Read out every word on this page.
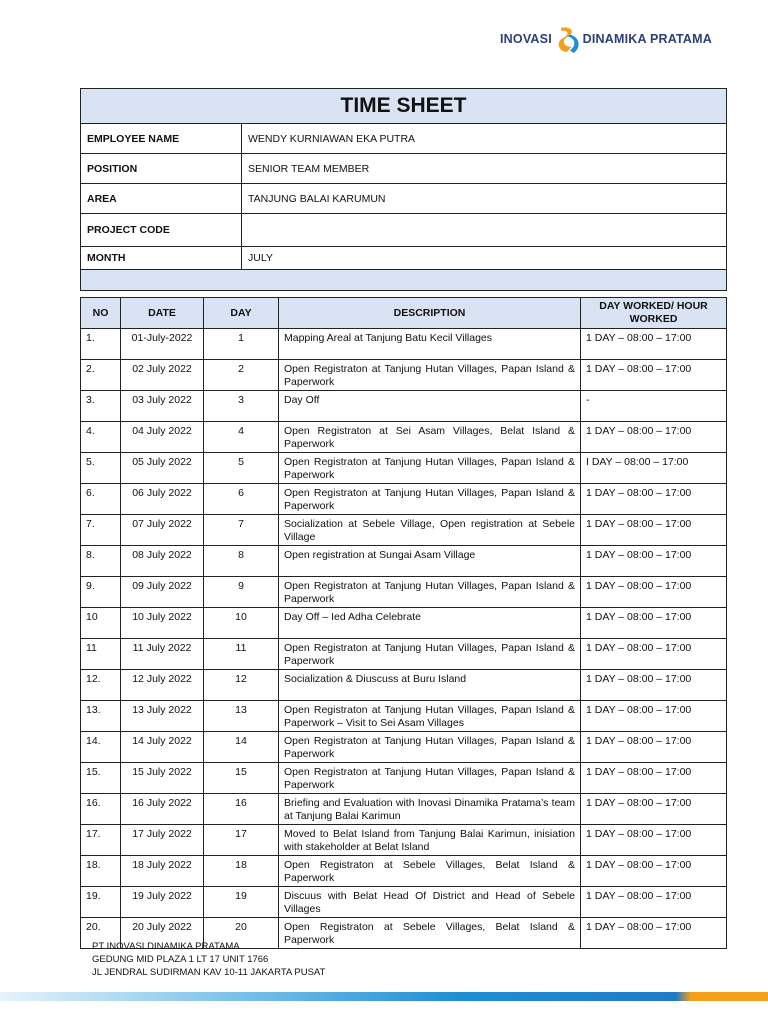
INOVASI DINAMIKA PRATAMA
TIME SHEET	
EMPLOYEE NAME	WENDY KURNIAWAN EKA PUTRA
POSITION	SENIOR TEAM MEMBER
AREA	TANJUNG BALAI KARUMUN
PROJECT CODE	
MONTH	JULY

NO	DATE	DAY	DESCRIPTION	DAY WORKED/ HOUR WORKED
1.	01-July-2022	1	Mapping Areal at Tanjung Batu Kecil Villages	1 DAY – 08:00 – 17:00
2.	02 July 2022	2	Open Registraton at Tanjung Hutan Villages, Papan Island & Paperwork	1 DAY – 08:00 – 17:00
3.	03 July 2022	3	Day Off	-
4.	04 July 2022	4	Open Registraton at Sei Asam Villages, Belat Island & Paperwork	1 DAY – 08:00 – 17:00
5.	05 July 2022	5	Open Registraton at Tanjung Hutan Villages, Papan Island & Paperwork	I DAY – 08:00 – 17:00
6.	06 July 2022	6	Open Registraton at Tanjung Hutan Villages, Papan Island & Paperwork	1 DAY – 08:00 – 17:00
7.	07 July 2022	7	Socialization at Sebele Village, Open registration at Sebele Village	1 DAY – 08:00 – 17:00
8.	08 July 2022	8	Open registration at Sungai Asam Village	1 DAY – 08:00 – 17:00
9.	09 July 2022	9	Open Registraton at Tanjung Hutan Villages, Papan Island & Paperwork	1 DAY – 08:00 – 17:00
10	10 July 2022	10	Day Off – Ied Adha Celebrate	1 DAY – 08:00 – 17:00
11	11 July 2022	11	Open Registraton at Tanjung Hutan Villages, Papan Island & Paperwork	1 DAY – 08:00 – 17:00
12.	12 July 2022	12	Socialization & Diuscuss at Buru Island	1 DAY – 08:00 – 17:00
13.	13 July 2022	13	Open Registraton at Tanjung Hutan Villages, Papan Island & Paperwork – Visit to Sei Asam Villages	1 DAY – 08:00 – 17:00
14.	14 July 2022	14	Open Registraton at Tanjung Hutan Villages, Papan Island & Paperwork	1 DAY – 08:00 – 17:00
15.	15 July 2022	15	Open Registraton at Tanjung Hutan Villages, Papan Island & Paperwork	1 DAY – 08:00 – 17:00
16.	16 July 2022	16	Briefing and Evaluation with Inovasi Dinamika Pratama’s team at Tanjung Balai Karimun	1 DAY – 08:00 – 17:00
17.	17 July 2022	17	Moved to Belat Island from Tanjung Balai Karimun, inisiation with stakeholder at Belat Island	1 DAY – 08:00 – 17:00
18.	18 July 2022	18	Open Registraton at Sebele Villages, Belat Island & Paperwork	1 DAY – 08:00 – 17:00
19.	19 July 2022	19	Discuus with Belat Head Of District and Head of Sebele Villages	1 DAY – 08:00 – 17:00
20.	20 July 2022	20	Open Registraton at Sebele Villages, Belat Island & Paperwork	1 DAY – 08:00 – 17:00
PT INOVASI DINAMIKA PRATAMA
GEDUNG MID PLAZA 1 LT 17 UNIT 1766
JL JENDRAL SUDIRMAN KAV 10-11 JAKARTA PUSAT
